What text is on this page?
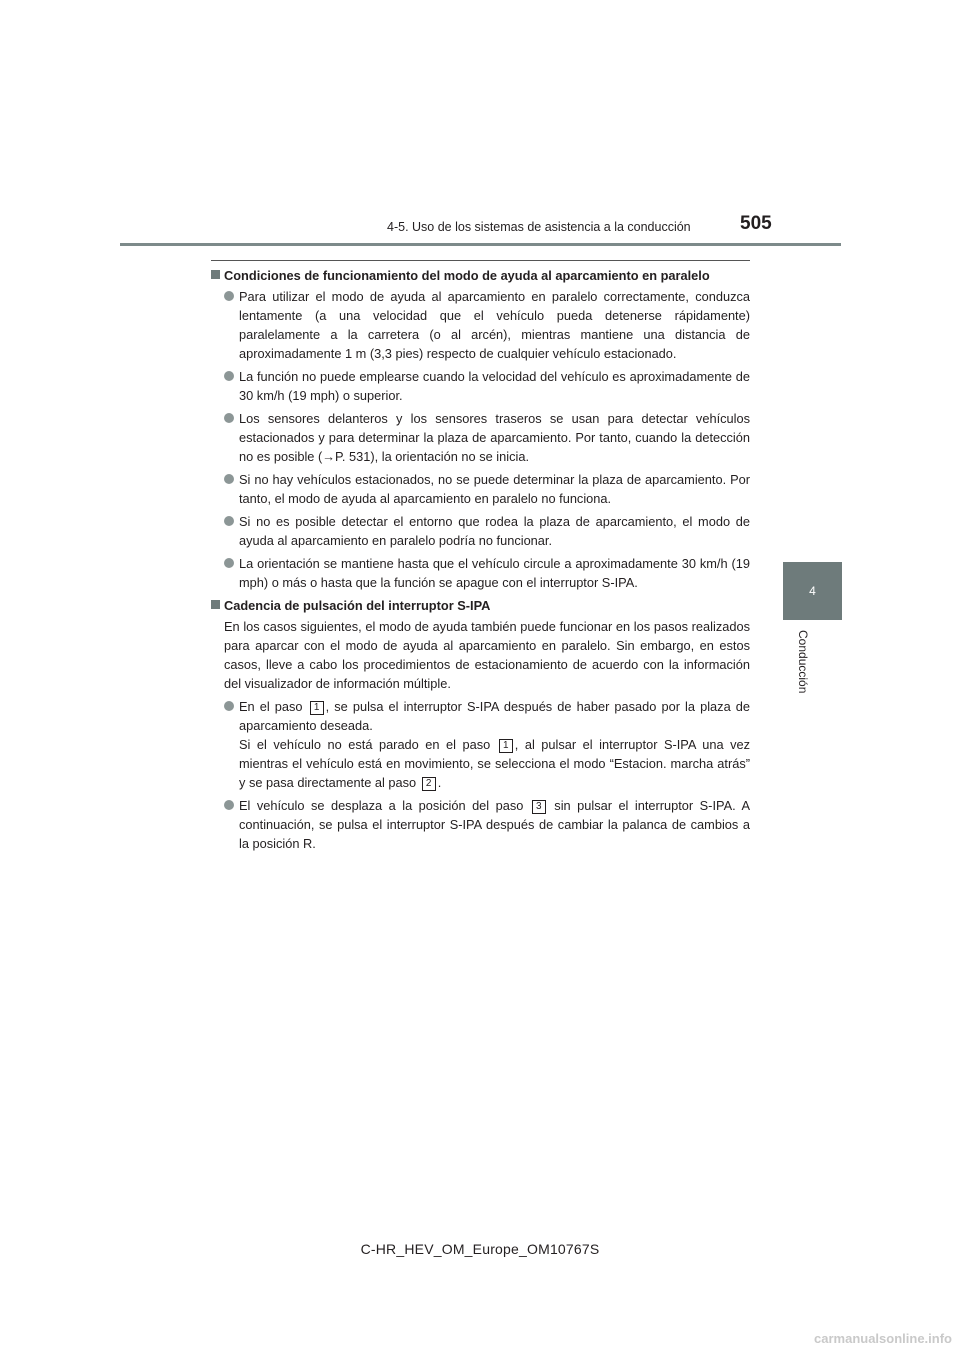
4-5. Uso de los sistemas de asistencia a la conducción	505
4
Conducción
Condiciones de funcionamiento del modo de ayuda al aparcamiento en paralelo
Para utilizar el modo de ayuda al aparcamiento en paralelo correctamente, conduzca lentamente (a una velocidad que el vehículo pueda detenerse rápidamente) paralelamente a la carretera (o al arcén), mientras mantiene una distancia de aproximadamente 1 m (3,3 pies) respecto de cualquier vehículo estacionado.
La función no puede emplearse cuando la velocidad del vehículo es aproximadamente de 30 km/h (19 mph) o superior.
Los sensores delanteros y los sensores traseros se usan para detectar vehículos estacionados y para determinar la plaza de aparcamiento. Por tanto, cuando la detección no es posible (→P. 531), la orientación no se inicia.
Si no hay vehículos estacionados, no se puede determinar la plaza de aparcamiento. Por tanto, el modo de ayuda al aparcamiento en paralelo no funciona.
Si no es posible detectar el entorno que rodea la plaza de aparcamiento, el modo de ayuda al aparcamiento en paralelo podría no funcionar.
La orientación se mantiene hasta que el vehículo circule a aproximadamente 30 km/h (19 mph) o más o hasta que la función se apague con el interruptor S-IPA.
Cadencia de pulsación del interruptor S-IPA
En los casos siguientes, el modo de ayuda también puede funcionar en los pasos realizados para aparcar con el modo de ayuda al aparcamiento en paralelo. Sin embargo, en estos casos, lleve a cabo los procedimientos de estacionamiento de acuerdo con la información del visualizador de información múltiple.
En el paso 1 , se pulsa el interruptor S-IPA después de haber pasado por la plaza de aparcamiento deseada.
Si el vehículo no está parado en el paso 1 , al pulsar el interruptor S-IPA una vez mientras el vehículo está en movimiento, se selecciona el modo “Estacion. marcha atrás” y se pasa directamente al paso 2 .
El vehículo se desplaza a la posición del paso 3 sin pulsar el interruptor S-IPA. A continuación, se pulsa el interruptor S-IPA después de cambiar la palanca de cambios a la posición R.
C-HR_HEV_OM_Europe_OM10767S
carmanualsonline.info
